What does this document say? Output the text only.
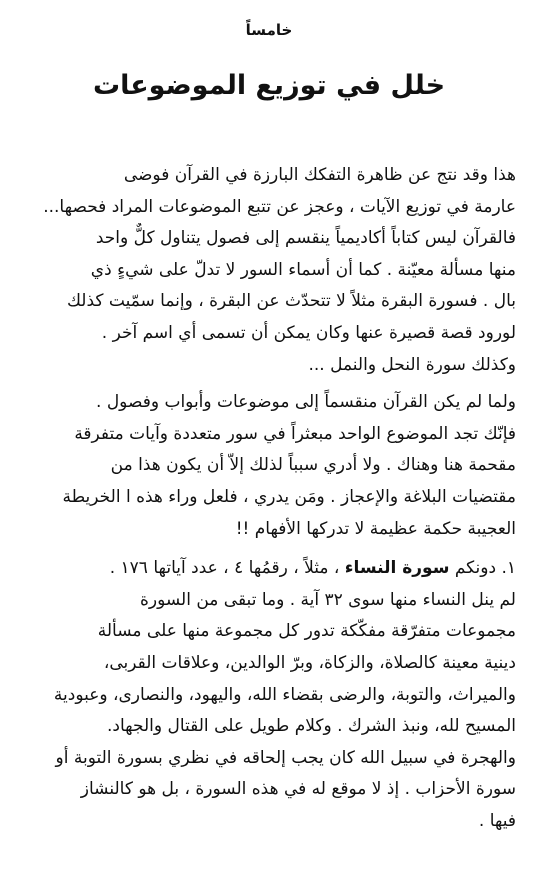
خامساً

خلل في توزيع الموضوعات

هذا وقد نتج عن ظاهرة التفكك البارزة في القرآن فوضى
عارمة في توزيع الآيات ، وعجز عن تتبع الموضوعات المراد فحصها...
فالقرآن ليس كتاباً أكاديمياً ينقسم إلى فصول يتناول كلٌّ واحد
منها مسألة معيّنة . كما أن أسماء السور لا تدلّ على شيءٍ ذي
بال . فسورة البقرة مثلاً لا تتحدّث عن البقرة ، وإنما سمّيت كذلك
لورود قصة قصيرة عنها وكان يمكن أن تسمى أي اسم آخر .
وكذلك سورة النحل والنمل ...

ولما لم يكن القرآن منقسماً إلى موضوعات وأبواب وفصول .
فإنّك تجد الموضوع الواحد مبعثراً في سور متعددة وآيات متفرقة
مقحمة هنا وهناك . ولا أدري سبباً لذلك إلاّ أن يكون هذا من
مقتضيات البلاغة والإعجاز . ومَن يدري ، فلعل وراء هذه ا الخريطة
العجيبة حكمة عظيمة لا تدركها الأفهام !!

١. دونكم سورة النساء ، مثلاً ، رقمُها ٤ ، عدد آياتها ١٧٦ .
لم ينل النساء منها سوى ٣٢ آية . وما تبقى من السورة
مجموعات متفرّقة مفكّكة تدور كل مجموعة منها على مسألة
دينية معينة كالصلاة، والزكاة، وبرّ الوالدين، وعلاقات القربى،
والميراث، والتوبة، والرضى بقضاء الله، واليهود، والنصارى، وعبودية
المسيح لله، ونبذ الشرك . وكلام طويل على القتال والجهاد.
والهجرة في سبيل الله كان يجب إلحاقه في نظري بسورة التوبة أو
سورة الأحزاب . إذ لا موقع له في هذه السورة ، بل هو كالنشاز
فيها .
